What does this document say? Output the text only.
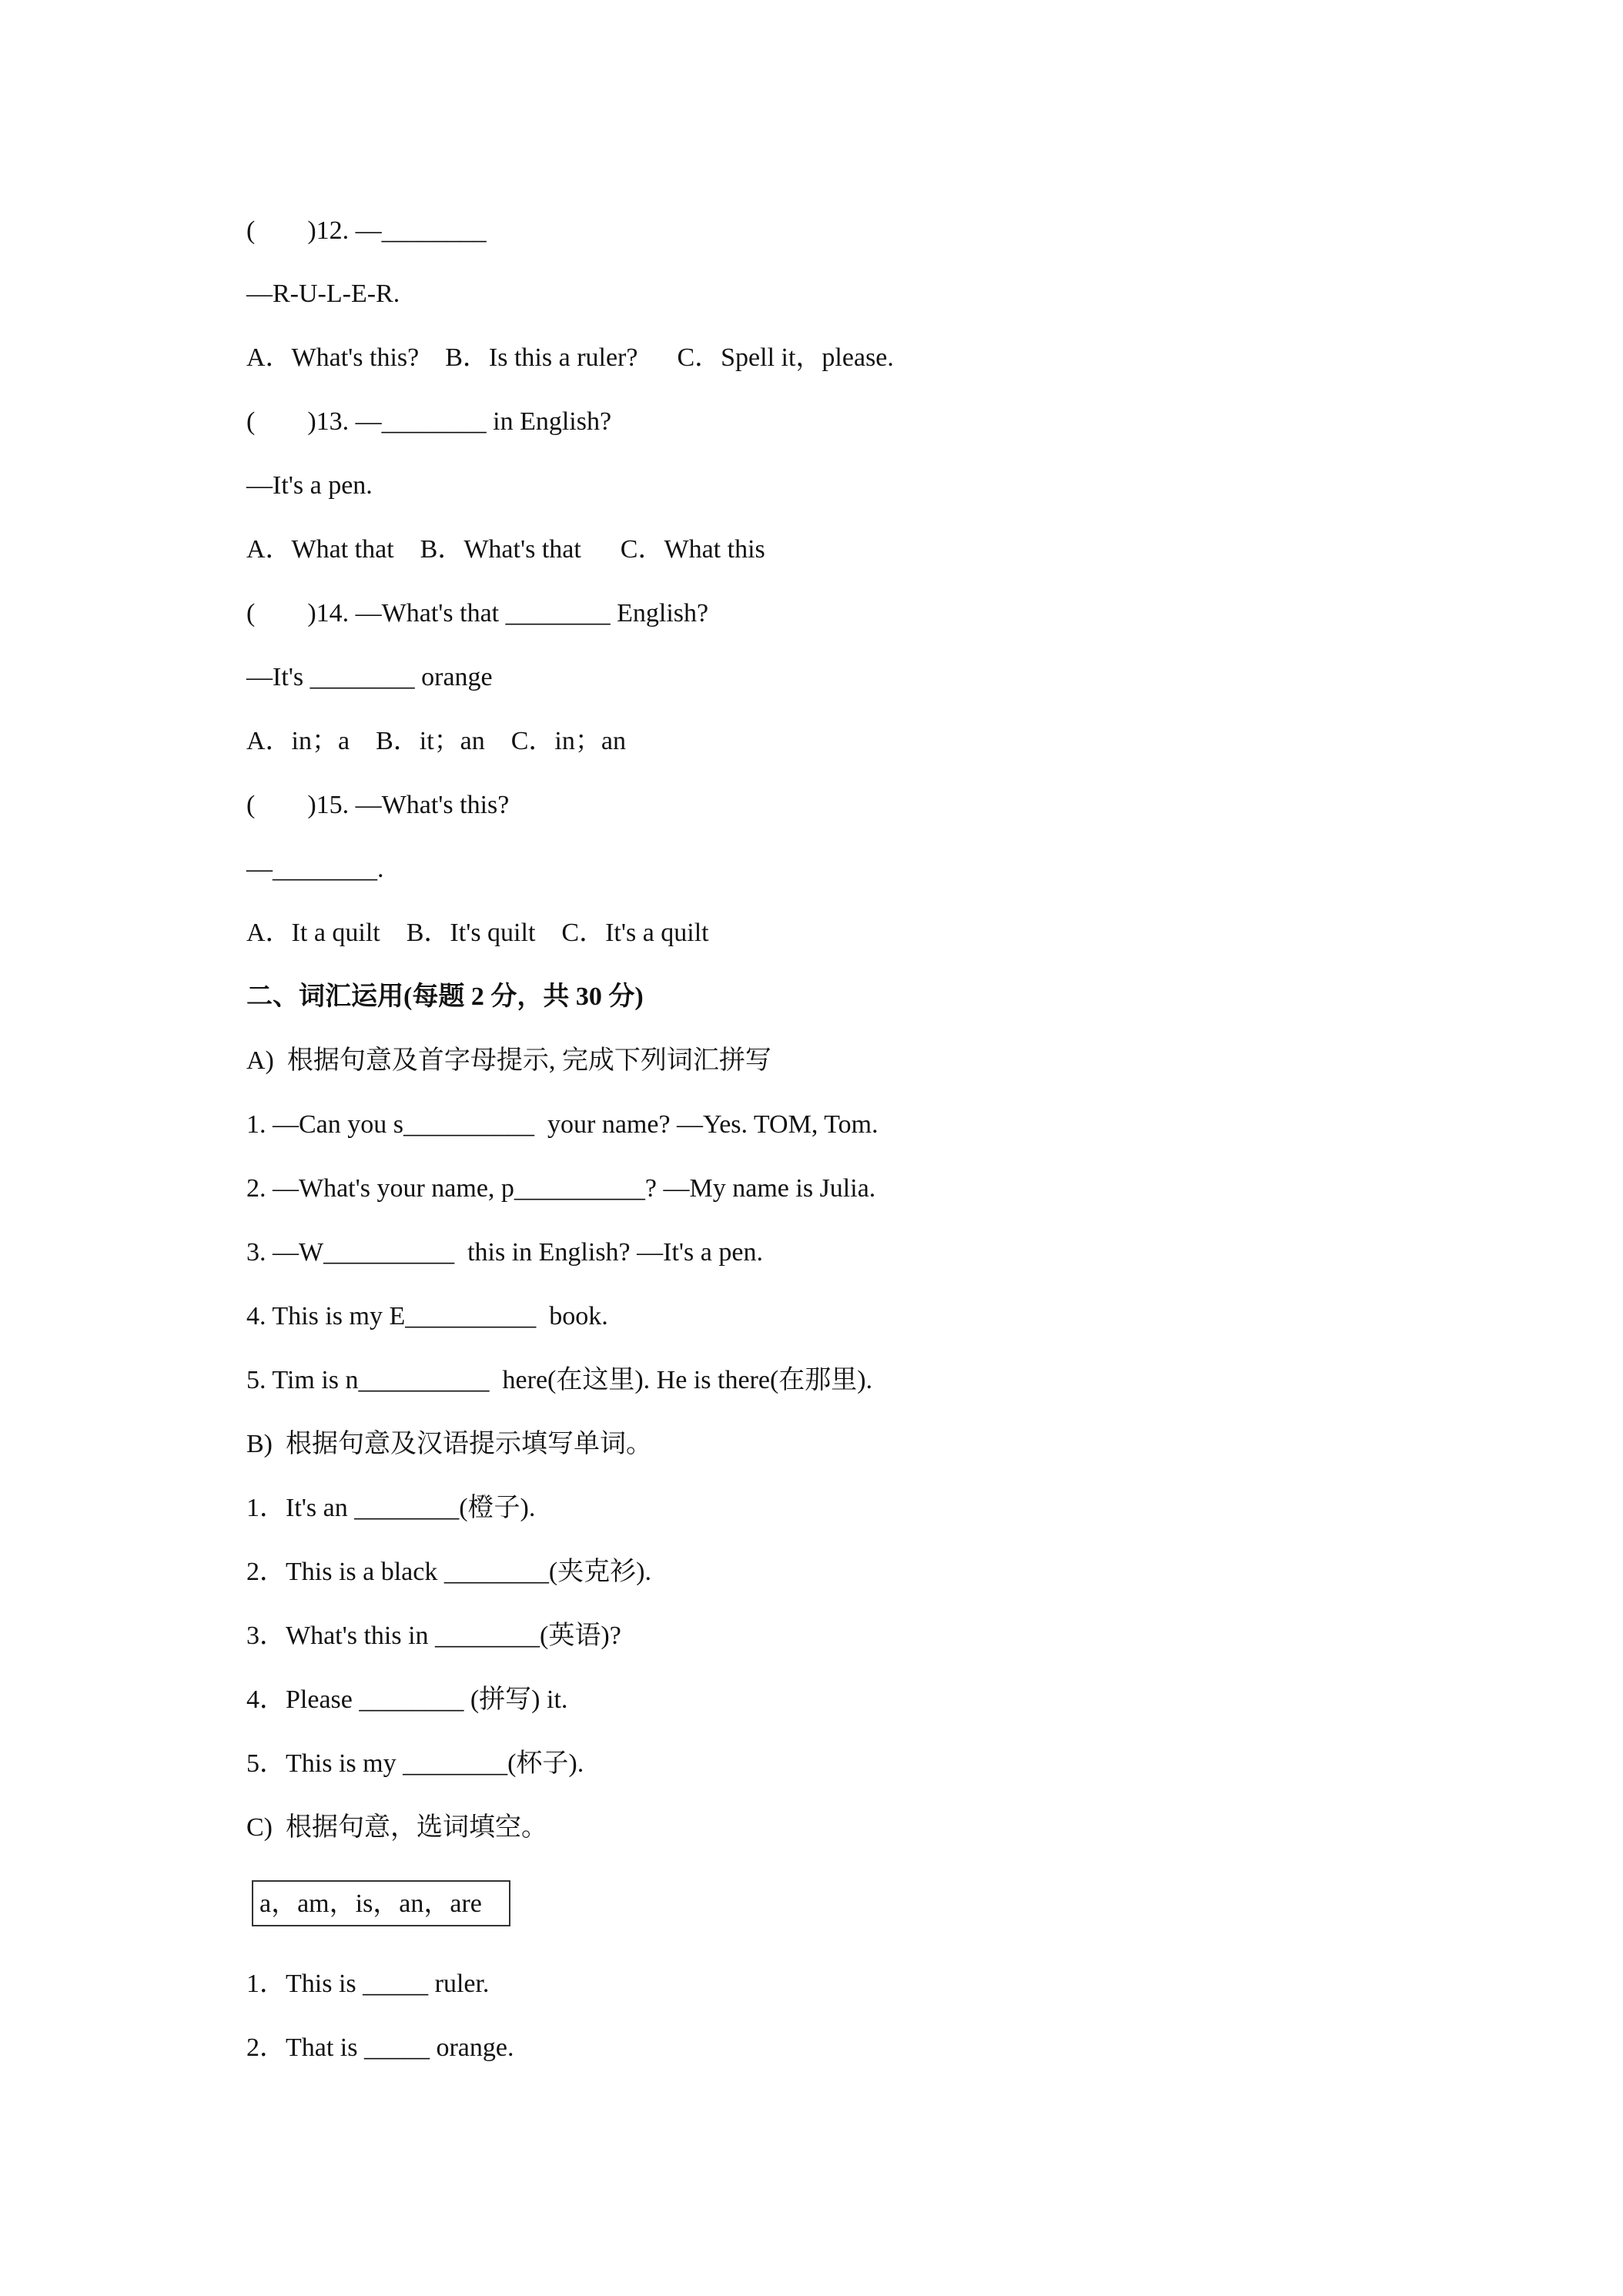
(        )12. —________
—R-U-L-E-R.
A．What's this?    B．Is this a ruler?      C．Spell it，please.
(        )13. —________ in English?
—It's a pen.
A．What that    B．What's that      C．What this
(        )14. —What's that ________ English?
—It's ________ orange
A．in；a    B．it；an    C．in；an
(        )15. —What's this?
—________.
A．It a quilt    B．It's quilt    C．It's a quilt
二、词汇运用(每题 2 分，共 30 分)
A)  根据句意及首字母提示, 完成下列词汇拼写
1. —Can you s__________  your name? —Yes. TOM, Tom.
2. —What's your name, p__________? —My name is Julia.
3. —W__________  this in English? —It's a pen.
4. This is my E__________  book.
5. Tim is n__________  here(在这里). He is there(在那里).
B)  根据句意及汉语提示填写单词。
1．It's an ________(橙子).
2．This is a black ________(夹克衫).
3．What's this in ________(英语)?
4．Please ________ (拼写) it.
5．This is my ________(杯子).
C)  根据句意，选词填空。
a，am，is，an，are
1．This is _____ ruler.
2．That is _____ orange.
